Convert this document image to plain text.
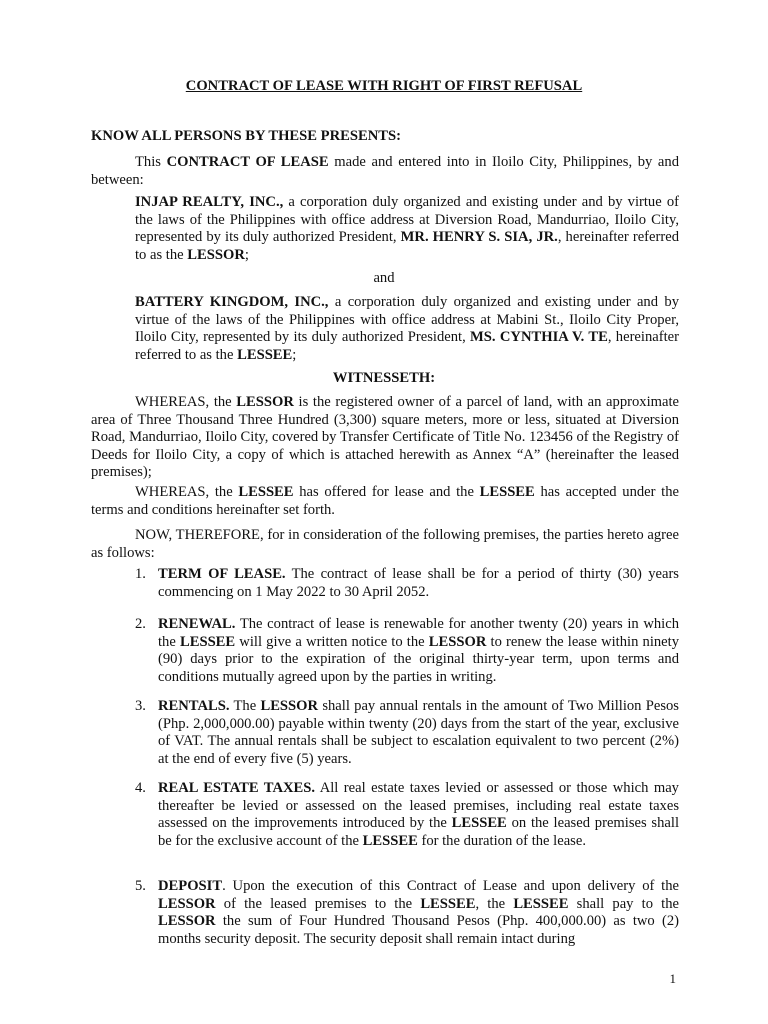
CONTRACT OF LEASE WITH RIGHT OF FIRST REFUSAL
KNOW ALL PERSONS BY THESE PRESENTS:
This CONTRACT OF LEASE made and entered into in Iloilo City, Philippines, by and between:
INJAP REALTY, INC., a corporation duly organized and existing under and by virtue of the laws of the Philippines with office address at Diversion Road, Mandurriao, Iloilo City, represented by its duly authorized President, MR. HENRY S. SIA, JR., hereinafter referred to as the LESSOR;
and
BATTERY KINGDOM, INC., a corporation duly organized and existing under and by virtue of the laws of the Philippines with office address at Mabini St., Iloilo City Proper, Iloilo City, represented by its duly authorized President, MS. CYNTHIA V. TE, hereinafter referred to as the LESSEE;
WITNESSETH:
WHEREAS, the LESSOR is the registered owner of a parcel of land, with an approximate area of Three Thousand Three Hundred (3,300) square meters, more or less, situated at Diversion Road, Mandurriao, Iloilo City, covered by Transfer Certificate of Title No. 123456 of the Registry of Deeds for Iloilo City, a copy of which is attached herewith as Annex “A” (hereinafter the leased premises);
WHEREAS, the LESSEE has offered for lease and the LESSEE has accepted under the terms and conditions hereinafter set forth.
NOW, THEREFORE, for in consideration of the following premises, the parties hereto agree as follows:
1. TERM OF LEASE. The contract of lease shall be for a period of thirty (30) years commencing on 1 May 2022 to 30 April 2052.
2. RENEWAL. The contract of lease is renewable for another twenty (20) years in which the LESSEE will give a written notice to the LESSOR to renew the lease within ninety (90) days prior to the expiration of the original thirty-year term, upon terms and conditions mutually agreed upon by the parties in writing.
3. RENTALS. The LESSOR shall pay annual rentals in the amount of Two Million Pesos (Php. 2,000,000.00) payable within twenty (20) days from the start of the year, exclusive of VAT. The annual rentals shall be subject to escalation equivalent to two percent (2%) at the end of every five (5) years.
4. REAL ESTATE TAXES. All real estate taxes levied or assessed or those which may thereafter be levied or assessed on the leased premises, including real estate taxes assessed on the improvements introduced by the LESSEE on the leased premises shall be for the exclusive account of the LESSEE for the duration of the lease.
5. DEPOSIT. Upon the execution of this Contract of Lease and upon delivery of the LESSOR of the leased premises to the LESSEE, the LESSEE shall pay to the LESSOR the sum of Four Hundred Thousand Pesos (Php. 400,000.00) as two (2) months security deposit. The security deposit shall remain intact during
1
